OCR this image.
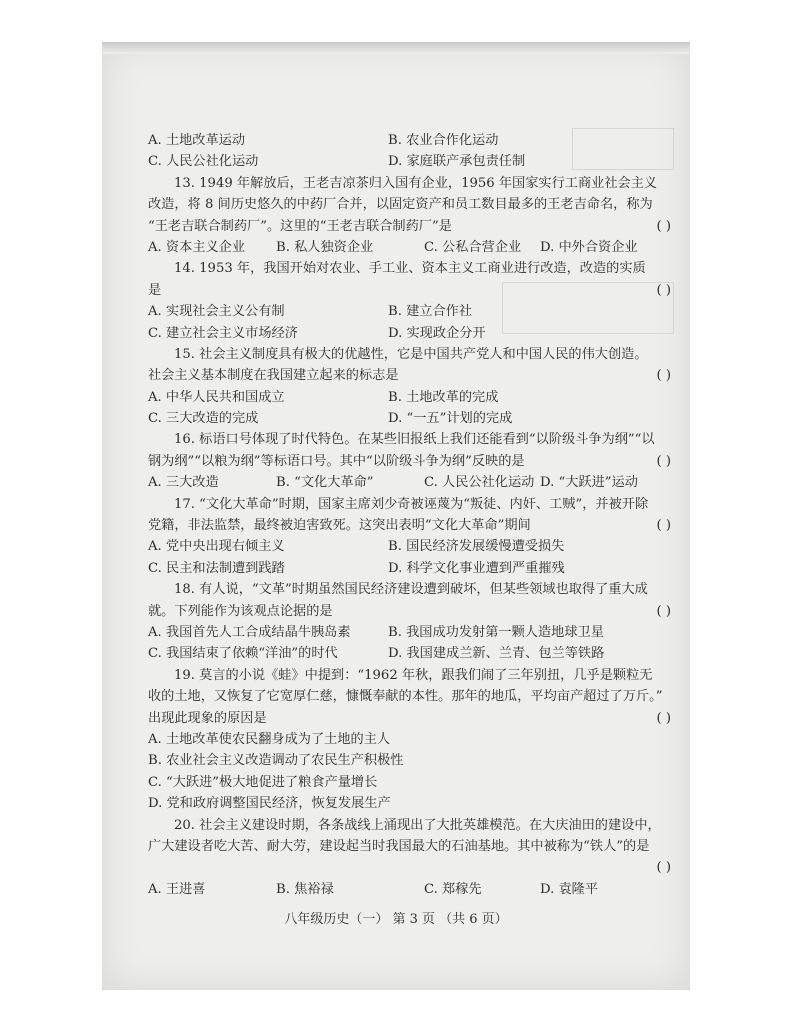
A. 土地改革运动	B. 农业合作化运动
C. 人民公社化运动	D. 家庭联产承包责任制
13. 1949 年解放后，王老吉凉茶归入国有企业，1956 年国家实行工商业社会主义
改造，将 8 间历史悠久的中药厂合并，以固定资产和员工数目最多的王老吉命名，称为
“王老吉联合制药厂”。这里的“王老吉联合制药厂”是	( )
A. 资本主义企业 B. 私人独资企业	C. 公私合营企业 D. 中外合资企业
14. 1953 年，我国开始对农业、手工业、资本主义工商业进行改造，改造的实质
是	( )
A. 实现社会主义公有制	B. 建立合作社
C. 建立社会主义市场经济	D. 实现政企分开
15. 社会主义制度具有极大的优越性，它是中国共产党人和中国人民的伟大创造。
社会主义基本制度在我国建立起来的标志是	( )
A. 中华人民共和国成立	B. 土地改革的完成
C. 三大改造的完成	D. “一五”计划的完成
16. 标语口号体现了时代特色。在某些旧报纸上我们还能看到“以阶级斗争为纲”“以
钢为纲”“以粮为纲”等标语口号。其中“以阶级斗争为纲”反映的是	( )
A. 三大改造	B. “文化大革命”	C. 人民公社化运动 D. “大跃进”运动
17. “文化大革命”时期，国家主席刘少奇被诬蔑为“叛徒、内奸、工贼”，并被开除
党籍，非法监禁，最终被迫害致死。这突出表明“文化大革命”期间	( )
A. 党中央出现右倾主义	B. 国民经济发展缓慢遭受损失
C. 民主和法制遭到践踏	D. 科学文化事业遭到严重摧残
18. 有人说，“文革”时期虽然国民经济建设遭到破坏，但某些领域也取得了重大成
就。下列能作为该观点论据的是	( )
A. 我国首先人工合成结晶牛胰岛素	B. 我国成功发射第一颗人造地球卫星
C. 我国结束了依赖“洋油”的时代	D. 我国建成兰新、兰青、包兰等铁路
19. 莫言的小说《蛙》中提到：“1962 年秋，跟我们闹了三年别扭，几乎是颗粒无
收的土地，又恢复了它宽厚仁慈，慷慨奉献的本性。那年的地瓜，平均亩产超过了万斤。”
出现此现象的原因是	( )
A. 土地改革使农民翻身成为了土地的主人
B. 农业社会主义改造调动了农民生产积极性
C. “大跃进”极大地促进了粮食产量增长
D. 党和政府调整国民经济，恢复发展生产
20. 社会主义建设时期，各条战线上涌现出了大批英雄模范。在大庆油田的建设中，
广大建设者吃大苦、耐大劳，建设起当时我国最大的石油基地。其中被称为“铁人”的是
( )
A. 王进喜	B. 焦裕禄	C. 郑稼先	D. 袁隆平
八年级历史（一） 第 3 页 （共 6 页）
